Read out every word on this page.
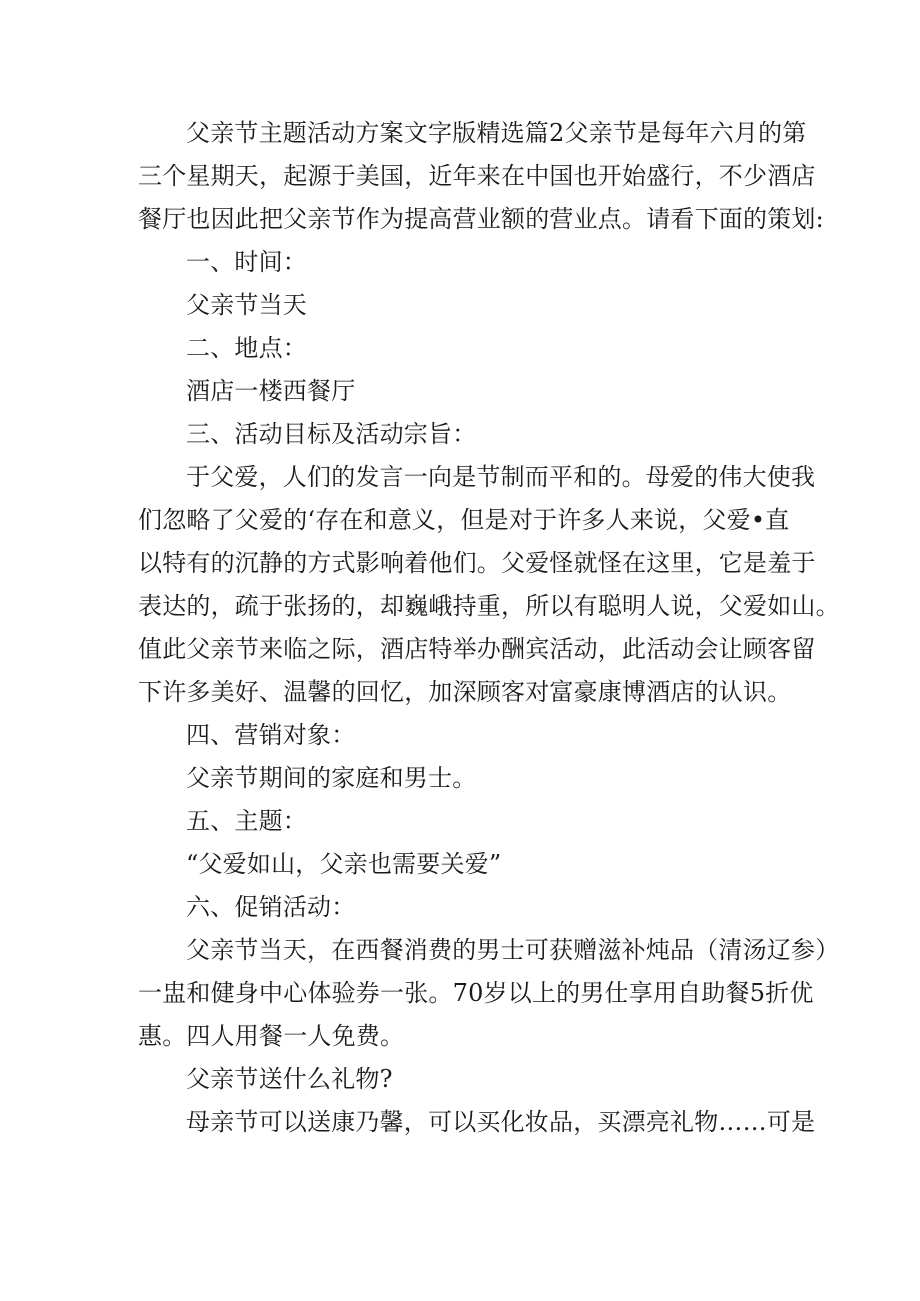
父亲节主题活动方案文字版精选篇2父亲节是每年六月的第
三个星期天，起源于美国，近年来在中国也开始盛行，不少酒店
餐厅也因此把父亲节作为提高营业额的营业点。请看下面的策划:
一、时间：
父亲节当天
二、地点：
酒店一楼西餐厅
三、活动目标及活动宗旨：
于父爱，人们的发言一向是节制而平和的。母爱的伟大使我
们忽略了父爱的‘存在和意义，但是对于许多人来说，父爱•直
以特有的沉静的方式影响着他们。父爱怪就怪在这里，它是羞于
表达的，疏于张扬的，却巍峨持重，所以有聪明人说，父爱如山。
值此父亲节来临之际，酒店特举办酬宾活动，此活动会让顾客留
下许多美好、温馨的回忆，加深顾客对富豪康博酒店的认识。
四、营销对象：
父亲节期间的家庭和男士。
五、主题：
“父爱如山，父亲也需要关爱”
六、促销活动：
父亲节当天，在西餐消费的男士可获赠滋补炖品（清汤辽参）
一盅和健身中心体验券一张。70岁以上的男仕享用自助餐5折优
惠。四人用餐一人免费。
父亲节送什么礼物?
母亲节可以送康乃馨，可以买化妆品，买漂亮礼物……可是
